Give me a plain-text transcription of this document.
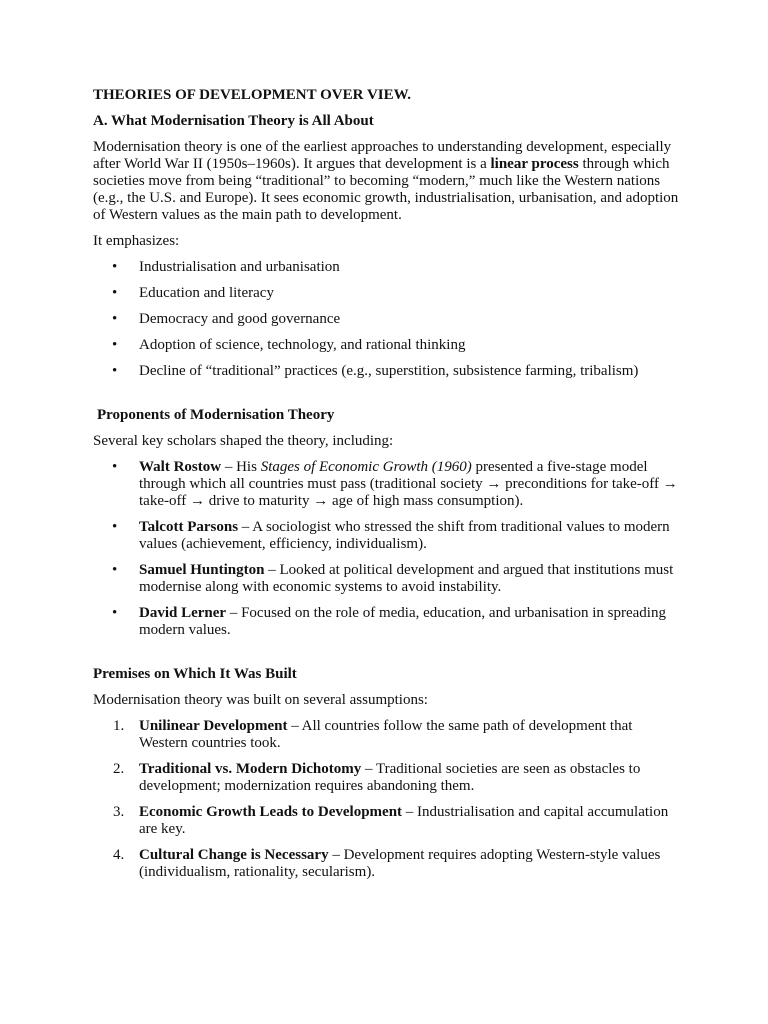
THEORIES OF DEVELOPMENT OVER VIEW.

A. What Modernisation Theory is All About

Modernisation theory is one of the earliest approaches to understanding development, especially after World War II (1950s–1960s). It argues that development is a linear process through which societies move from being “traditional” to becoming “modern,” much like the Western nations (e.g., the U.S. and Europe). It sees economic growth, industrialisation, urbanisation, and adoption of Western values as the main path to development.

It emphasizes:

• Industrialisation and urbanisation
• Education and literacy
• Democracy and good governance
• Adoption of science, technology, and rational thinking
• Decline of “traditional” practices (e.g., superstition, subsistence farming, tribalism)

Proponents of Modernisation Theory

Several key scholars shaped the theory, including:

• Walt Rostow – His Stages of Economic Growth (1960) presented a five-stage model through which all countries must pass (traditional society → preconditions for take-off → take-off → drive to maturity → age of high mass consumption).
• Talcott Parsons – A sociologist who stressed the shift from traditional values to modern values (achievement, efficiency, individualism).
• Samuel Huntington – Looked at political development and argued that institutions must modernise along with economic systems to avoid instability.
• David Lerner – Focused on the role of media, education, and urbanisation in spreading modern values.

Premises on Which It Was Built

Modernisation theory was built on several assumptions:

1. Unilinear Development – All countries follow the same path of development that Western countries took.
2. Traditional vs. Modern Dichotomy – Traditional societies are seen as obstacles to development; modernization requires abandoning them.
3. Economic Growth Leads to Development – Industrialisation and capital accumulation are key.
4. Cultural Change is Necessary – Development requires adopting Western-style values (individualism, rationality, secularism).
